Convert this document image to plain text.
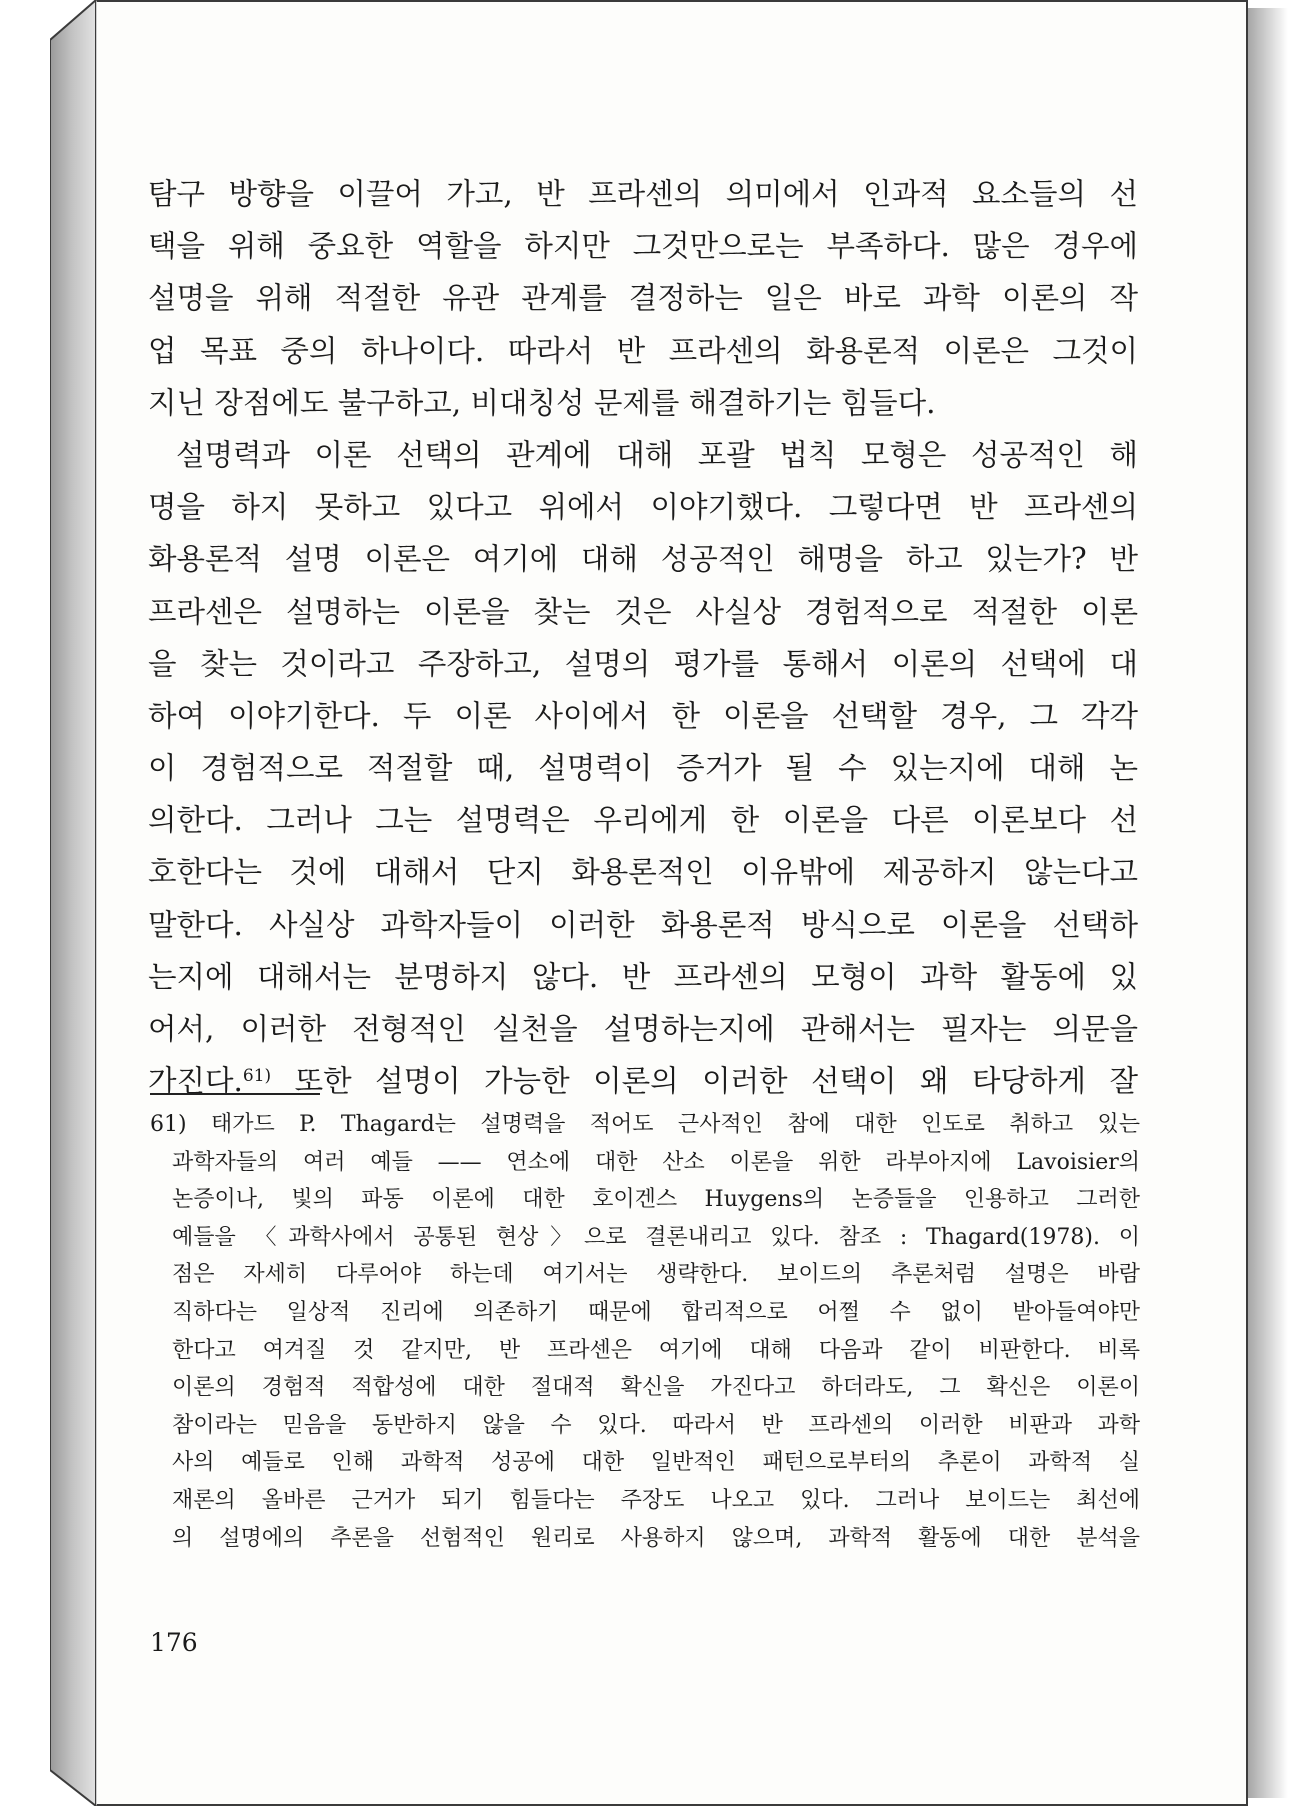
탐구 방향을 이끌어 가고, 반 프라센의 의미에서 인과적 요소들의 선
택을 위해 중요한 역할을 하지만 그것만으로는 부족하다. 많은 경우에
설명을 위해 적절한 유관 관계를 결정하는 일은 바로 과학 이론의 작
업 목표 중의 하나이다. 따라서 반 프라센의 화용론적 이론은 그것이
지닌 장점에도 불구하고, 비대칭성 문제를 해결하기는 힘들다.
설명력과 이론 선택의 관계에 대해 포괄 법칙 모형은 성공적인 해
명을 하지 못하고 있다고 위에서 이야기했다. 그렇다면 반 프라센의
화용론적 설명 이론은 여기에 대해 성공적인 해명을 하고 있는가? 반
프라센은 설명하는 이론을 찾는 것은 사실상 경험적으로 적절한 이론
을 찾는 것이라고 주장하고, 설명의 평가를 통해서 이론의 선택에 대
하여 이야기한다. 두 이론 사이에서 한 이론을 선택할 경우, 그 각각
이 경험적으로 적절할 때, 설명력이 증거가 될 수 있는지에 대해 논
의한다. 그러나 그는 설명력은 우리에게 한 이론을 다른 이론보다 선
호한다는 것에 대해서 단지 화용론적인 이유밖에 제공하지 않는다고
말한다. 사실상 과학자들이 이러한 화용론적 방식으로 이론을 선택하
는지에 대해서는 분명하지 않다. 반 프라센의 모형이 과학 활동에 있
어서, 이러한 전형적인 실천을 설명하는지에 관해서는 필자는 의문을
가진다.$^{61)}$ 또한 설명이 가능한 이론의 이러한 선택이 왜 타당하게 잘
61) 태가드 P. Thagard는 설명력을 적어도 근사적인 참에 대한 인도로 취하고 있는
과학자들의 여러 예들 —— 연소에 대한 산소 이론을 위한 라부아지에 Lavoisier의
논증이나, 빛의 파동 이론에 대한 호이겐스 Huygens의 논증들을 인용하고 그러한
예들을 〈과학사에서 공통된 현상〉으로 결론내리고 있다. 참조 : Thagard(1978). 이
점은 자세히 다루어야 하는데 여기서는 생략한다. 보이드의 추론처럼 설명은 바람
직하다는 일상적 진리에 의존하기 때문에 합리적으로 어쩔 수 없이 받아들여야만
한다고 여겨질 것 같지만, 반 프라센은 여기에 대해 다음과 같이 비판한다. 비록
이론의 경험적 적합성에 대한 절대적 확신을 가진다고 하더라도, 그 확신은 이론이
참이라는 믿음을 동반하지 않을 수 있다. 따라서 반 프라센의 이러한 비판과 과학
사의 예들로 인해 과학적 성공에 대한 일반적인 패턴으로부터의 추론이 과학적 실
재론의 올바른 근거가 되기 힘들다는 주장도 나오고 있다. 그러나 보이드는 최선에
의 설명에의 추론을 선험적인 원리로 사용하지 않으며, 과학적 활동에 대한 분석을
176
